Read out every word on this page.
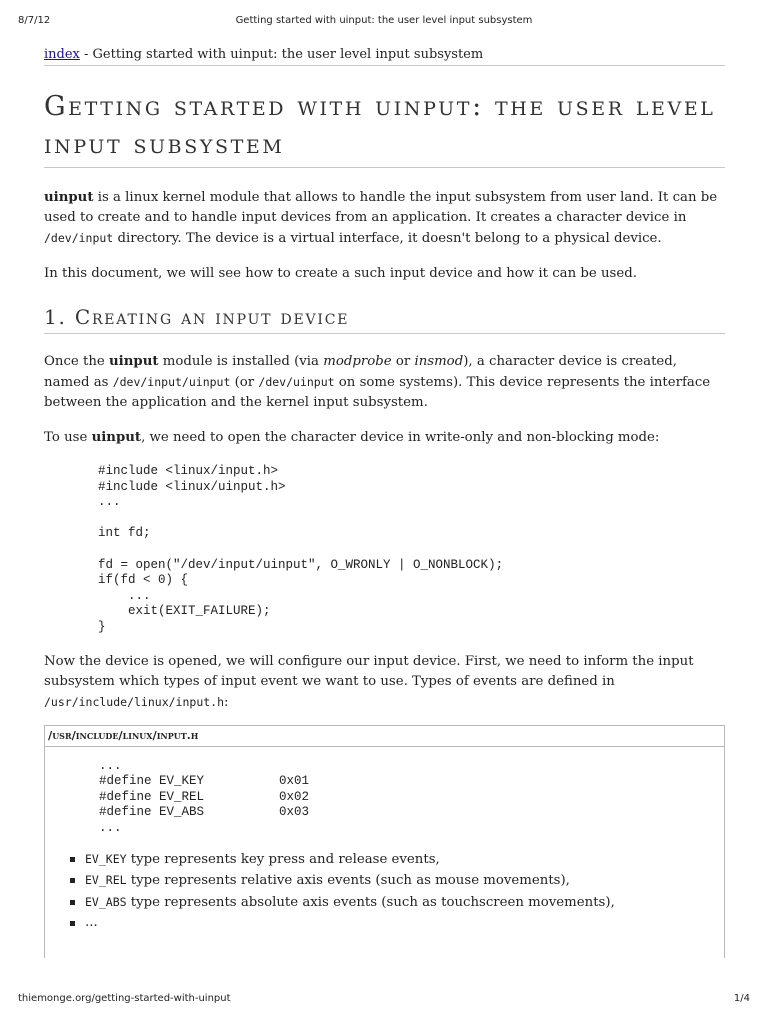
8/7/12	Getting started with uinput: the user level input subsystem
index - Getting started with uinput: the user level input subsystem
Getting started with uinput: the user level input subsystem

uinput is a linux kernel module that allows to handle the input subsystem from user land. It can be used to create and to handle input devices from an application. It creates a character device in /dev/input directory. The device is a virtual interface, it doesn't belong to a physical device.

In this document, we will see how to create a such input device and how it can be used.

1. Creating an input device

Once the uinput module is installed (via modprobe or insmod), a character device is created, named as /dev/input/uinput (or /dev/uinput on some systems). This device represents the interface between the application and the kernel input subsystem.

To use uinput, we need to open the character device in write-only and non-blocking mode:

#include <linux/input.h>
#include <linux/uinput.h>
...

int fd;

fd = open("/dev/input/uinput", O_WRONLY | O_NONBLOCK);
if(fd < 0) {
...
exit(EXIT_FAILURE);
}

Now the device is opened, we will configure our input device. First, we need to inform the input subsystem which types of input event we want to use. Types of events are defined in /usr/include/linux/input.h:

/usr/include/linux/input.h
...
#define EV_KEY          0x01
#define EV_REL          0x02
#define EV_ABS          0x03
...
EV_KEY type represents key press and release events,
EV_REL type represents relative axis events (such as mouse movements),
EV_ABS type represents absolute axis events (such as touchscreen movements),
...
thiemonge.org/getting-started-with-uinput	1/4
